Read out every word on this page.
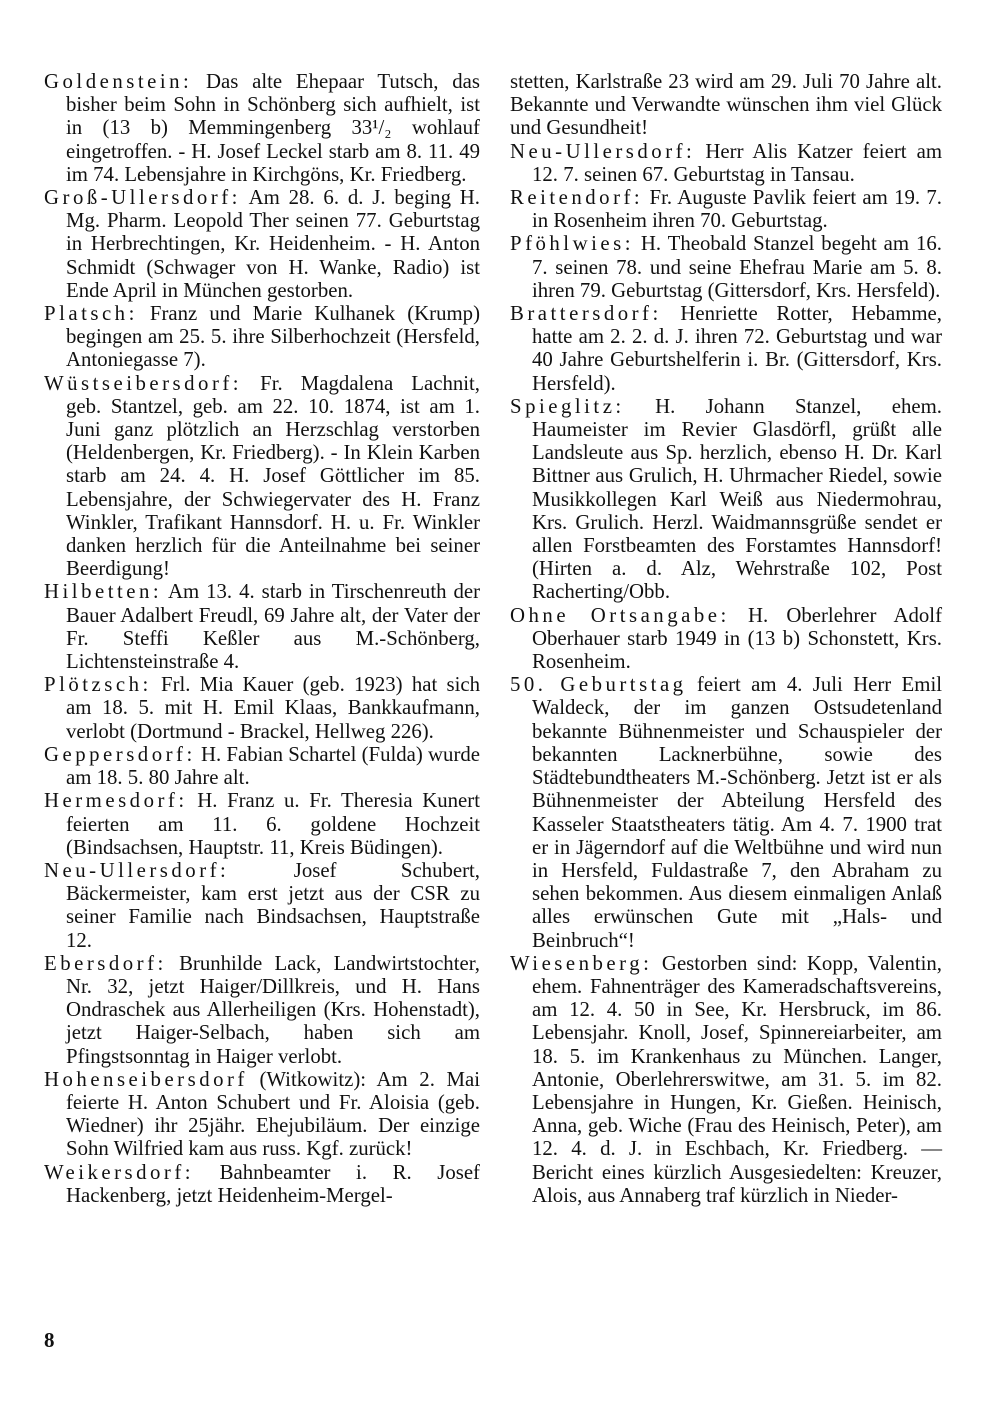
Goldenstein: Das alte Ehepaar Tutsch, das bisher beim Sohn in Schönberg sich aufhielt, ist in (13 b) Memmingenberg 33¹/₂ wohlauf eingetroffen. - H. Josef Leckel starb am 8. 11. 49 im 74. Lebensjahre in Kirchgöns, Kr. Friedberg.

Groß-Ullersdorf: Am 28. 6. d. J. beging H. Mg. Pharm. Leopold Ther seinen 77. Geburtstag in Herbrechtingen, Kr. Heidenheim. - H. Anton Schmidt (Schwager von H. Wanke, Radio) ist Ende April in München gestorben.

Platsch: Franz und Marie Kulhanek (Krump) begingen am 25. 5. ihre Silberhochzeit (Hersfeld, Antoniegasse 7).

Wüstseibersdorf: Fr. Magdalena Lachnit, geb. Stantzel, geb. am 22. 10. 1874, ist am 1. Juni ganz plötzlich an Herzschlag verstorben (Heldenbergen, Kr. Friedberg). - In Klein Karben starb am 24. 4. H. Josef Göttlicher im 85. Lebensjahre, der Schwiegervater des H. Franz Winkler, Trafikant Hannsdorf. H. u. Fr. Winkler danken herzlich für die Anteilnahme bei seiner Beerdigung!

Hilbetten: Am 13. 4. starb in Tirschenreuth der Bauer Adalbert Freudl, 69 Jahre alt, der Vater der Fr. Steffi Keßler aus M.-Schönberg, Lichtensteinstraße 4.

Plötzsch: Frl. Mia Kauer (geb. 1923) hat sich am 18. 5. mit H. Emil Klaas, Bankkaufmann, verlobt (Dortmund - Brackel, Hellweg 226).

Geppersdorf: H. Fabian Schartel (Fulda) wurde am 18. 5. 80 Jahre alt.

Hermesdorf: H. Franz u. Fr. Theresia Kunert feierten am 11. 6. goldene Hochzeit (Bindsachsen, Hauptstr. 11, Kreis Büdingen).

Neu-Ullersdorf: Josef Schubert, Bäckermeister, kam erst jetzt aus der CSR zu seiner Familie nach Bindsachsen, Hauptstraße 12.

Ebersdorf: Brunhilde Lack, Landwirtstochter, Nr. 32, jetzt Haiger/Dillkreis, und H. Hans Ondraschek aus Allerheiligen (Krs. Hohenstadt), jetzt Haiger-Selbach, haben sich am Pfingstsonntag in Haiger verlobt.

Hohenseibersdorf (Witkowitz): Am 2. Mai feierte H. Anton Schubert und Fr. Aloisia (geb. Wiedner) ihr 25jähr. Ehejubiläum. Der einzige Sohn Wilfried kam aus russ. Kgf. zurück!

Weikersdorf: Bahnbeamter i. R. Josef Hackenberg, jetzt Heidenheim-Mergel-

stetten, Karlstraße 23 wird am 29. Juli 70 Jahre alt. Bekannte und Verwandte wünschen ihm viel Glück und Gesundheit!

Neu-Ullersdorf: Herr Alis Katzer feiert am 12. 7. seinen 67. Geburtstag in Tansau.

Reitendorf: Fr. Auguste Pavlik feiert am 19. 7. in Rosenheim ihren 70. Geburtstag.

Pföhlwies: H. Theobald Stanzel begeht am 16. 7. seinen 78. und seine Ehefrau Marie am 5. 8. ihren 79. Geburtstag (Gittersdorf, Krs. Hersfeld).

Brattersdorf: Henriette Rotter, Hebamme, hatte am 2. 2. d. J. ihren 72. Geburtstag und war 40 Jahre Geburtshelferin i. Br. (Gittersdorf, Krs. Hersfeld).

Spieglitz: H. Johann Stanzel, ehem. Haumeister im Revier Glasdörfl, grüßt alle Landsleute aus Sp. herzlich, ebenso H. Dr. Karl Bittner aus Grulich, H. Uhrmacher Riedel, sowie Musikkollegen Karl Weiß aus Niedermohrau, Krs. Grulich. Herzl. Waidmannsgrüße sendet er allen Forstbeamten des Forstamtes Hannsdorf! (Hirten a. d. Alz, Wehrstraße 102, Post Racherting/Obb.

Ohne Ortsangabe: H. Oberlehrer Adolf Oberhauer starb 1949 in (13 b) Schonstett, Krs. Rosenheim.

50. Geburtstag feiert am 4. Juli Herr Emil Waldeck, der im ganzen Ostsudetenland bekannte Bühnenmeister und Schauspieler der bekannten Lacknerbühne, sowie des Städtebundtheaters M.-Schönberg. Jetzt ist er als Bühnenmeister der Abteilung Hersfeld des Kasseler Staatstheaters tätig. Am 4. 7. 1900 trat er in Jägerndorf auf die Weltbühne und wird nun in Hersfeld, Fuldastraße 7, den Abraham zu sehen bekommen. Aus diesem einmaligen Anlaß alles erwünschen Gute mit „Hals- und Beinbruch“!

Wiesenberg: Gestorben sind: Kopp, Valentin, ehem. Fahnenträger des Kameradschaftsvereins, am 12. 4. 50 in See, Kr. Hersbruck, im 86. Lebensjahr. Knoll, Josef, Spinnereiarbeiter, am 18. 5. im Krankenhaus zu München. Langer, Antonie, Oberlehrerswitwe, am 31. 5. im 82. Lebensjahre in Hungen, Kr. Gießen. Heinisch, Anna, geb. Wiche (Frau des Heinisch, Peter), am 12. 4. d. J. in Eschbach, Kr. Friedberg. — Bericht eines kürzlich Ausgesiedelten: Kreuzer, Alois, aus Annaberg traf kürzlich in Nieder-

8
